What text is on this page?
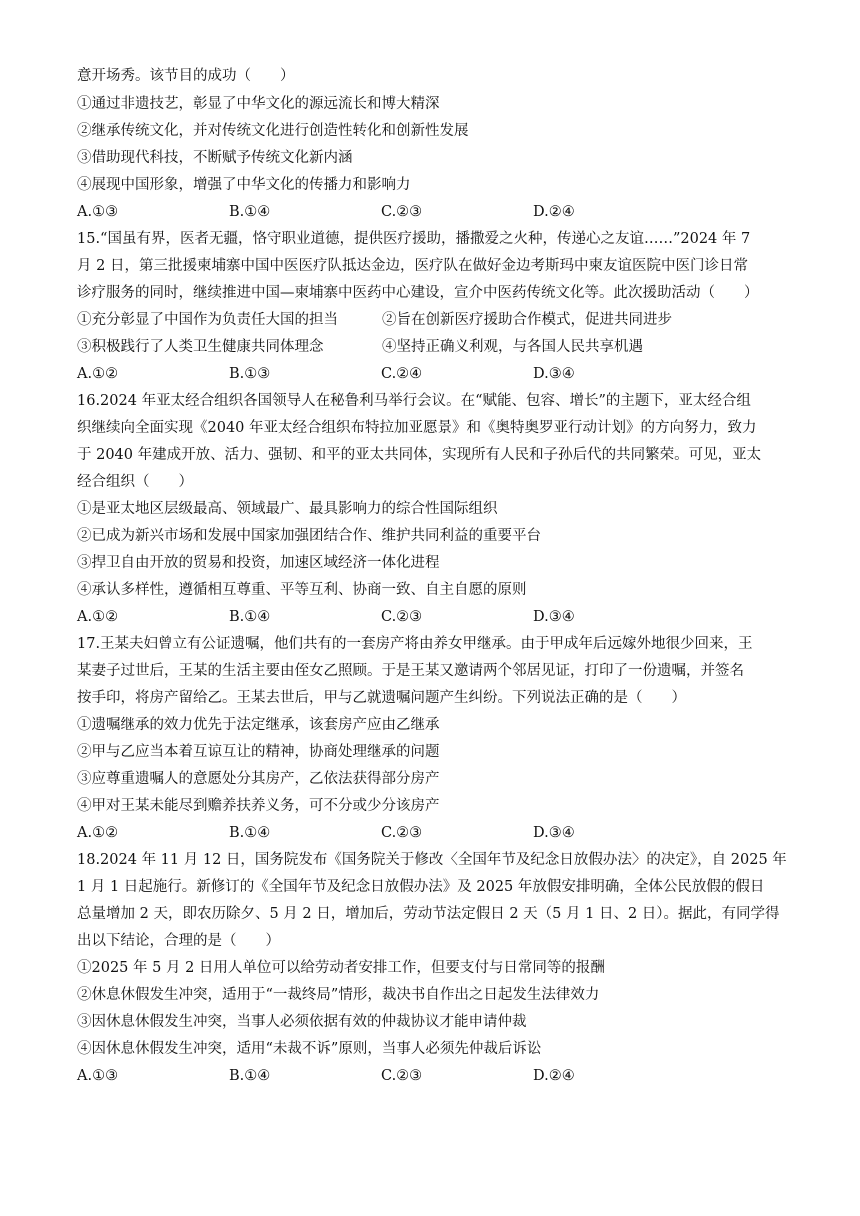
意开场秀。该节目的成功（　　）
①通过非遗技艺，彰显了中华文化的源远流长和博大精深
②继承传统文化，并对传统文化进行创造性转化和创新性发展
③借助现代科技，不断赋予传统文化新内涵
④展现中国形象，增强了中华文化的传播力和影响力
A.①③	B.①④	C.②③	D.②④
15.“国虽有界，医者无疆，恪守职业道德，提供医疗援助，播撒爱之火种，传递心之友谊……”2024 年 7
月 2 日，第三批援柬埔寨中国中医医疗队抵达金边，医疗队在做好金边考斯玛中柬友谊医院中医门诊日常
诊疗服务的同时，继续推进中国—柬埔寨中医药中心建设，宣介中医药传统文化等。此次援助活动（　　）
①充分彰显了中国作为负责任大国的担当	②旨在创新医疗援助合作模式，促进共同进步
③积极践行了人类卫生健康共同体理念	④坚持正确义利观，与各国人民共享机遇
A.①②	B.①③	C.②④	D.③④
16.2024 年亚太经合组织各国领导人在秘鲁利马举行会议。在“赋能、包容、增长”的主题下，亚太经合组
织继续向全面实现《2040 年亚太经合组织布特拉加亚愿景》和《奥特奥罗亚行动计划》的方向努力，致力
于 2040 年建成开放、活力、强韧、和平的亚太共同体，实现所有人民和子孙后代的共同繁荣。可见，亚太
经合组织（　　）
①是亚太地区层级最高、领域最广、最具影响力的综合性国际组织
②已成为新兴市场和发展中国家加强团结合作、维护共同利益的重要平台
③捍卫自由开放的贸易和投资，加速区域经济一体化进程
④承认多样性，遵循相互尊重、平等互利、协商一致、自主自愿的原则
A.①②	B.①④	C.②③	D.③④
17.王某夫妇曾立有公证遗嘱，他们共有的一套房产将由养女甲继承。由于甲成年后远嫁外地很少回来，王
某妻子过世后，王某的生活主要由侄女乙照顾。于是王某又邀请两个邻居见证，打印了一份遗嘱，并签名
按手印，将房产留给乙。王某去世后，甲与乙就遗嘱问题产生纠纷。下列说法正确的是（　　）
①遗嘱继承的效力优先于法定继承，该套房产应由乙继承
②甲与乙应当本着互谅互让的精神，协商处理继承的问题
③应尊重遗嘱人的意愿处分其房产，乙依法获得部分房产
④甲对王某未能尽到赡养扶养义务，可不分或少分该房产
A.①②	B.①④	C.②③	D.③④
18.2024 年 11 月 12 日，国务院发布《国务院关于修改〈全国年节及纪念日放假办法〉的决定》，自 2025 年
1 月 1 日起施行。新修订的《全国年节及纪念日放假办法》及 2025 年放假安排明确，全体公民放假的假日
总量增加 2 天，即农历除夕、5 月 2 日，增加后，劳动节法定假日 2 天（5 月 1 日、2 日）。据此，有同学得
出以下结论，合理的是（　　）
①2025 年 5 月 2 日用人单位可以给劳动者安排工作，但要支付与日常同等的报酬
②休息休假发生冲突，适用于“一裁终局”情形，裁决书自作出之日起发生法律效力
③因休息休假发生冲突，当事人必须依据有效的仲裁协议才能申请仲裁
④因休息休假发生冲突，适用“未裁不诉”原则，当事人必须先仲裁后诉讼
A.①③	B.①④	C.②③	D.②④
